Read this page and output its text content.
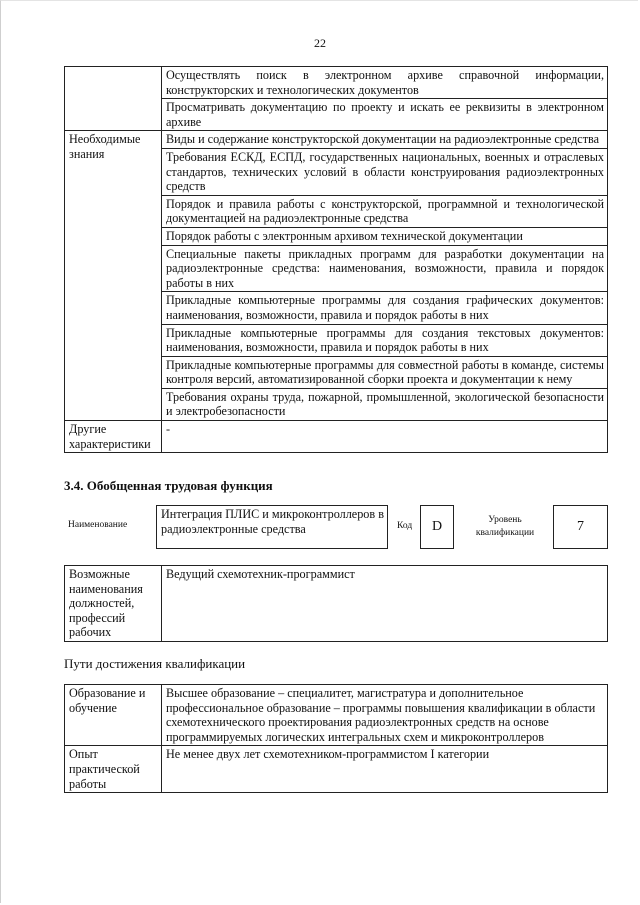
22
	Осуществлять поиск в электронном архиве справочной информации, конструкторских и технологических документов
	Просматривать документацию по проекту и искать ее реквизиты в электронном архиве
Необходимые знания	Виды и содержание конструкторской документации на радиоэлектронные средства
	Требования ЕСКД, ЕСПД, государственных национальных, военных и отраслевых стандартов, технических условий в области конструирования радиоэлектронных средств
	Порядок и правила работы с конструкторской, программной и технологической документацией на радиоэлектронные средства
	Порядок работы с электронным архивом технической документации
	Специальные пакеты прикладных программ для разработки документации на радиоэлектронные средства: наименования, возможности, правила и порядок работы в них
	Прикладные компьютерные программы для создания графических документов: наименования, возможности, правила и порядок работы в них
	Прикладные компьютерные программы для создания текстовых документов: наименования, возможности, правила и порядок работы в них
	Прикладные компьютерные программы для совместной работы в команде, системы контроля версий, автоматизированной сборки проекта и документации к нему
	Требования охраны труда, пожарной, промышленной, экологической безопасности и электробезопасности
Другие характеристики	-
3.4. Обобщенная трудовая функция
Наименование
Интеграция ПЛИС и микроконтроллеров в радиоэлектронные средства	Код	D	Уровень квалификации	7
Возможные наименования должностей, профессий рабочих	Ведущий схемотехник-программист
Пути достижения квалификации
Образование и обучение	Высшее образование – специалитет, магистратура и дополнительное профессиональное образование – программы повышения квалификации в области схемотехнического проектирования радиоэлектронных средств на основе программируемых логических интегральных схем и микроконтроллеров
Опыт практической работы	Не менее двух лет схемотехником-программистом I категории
